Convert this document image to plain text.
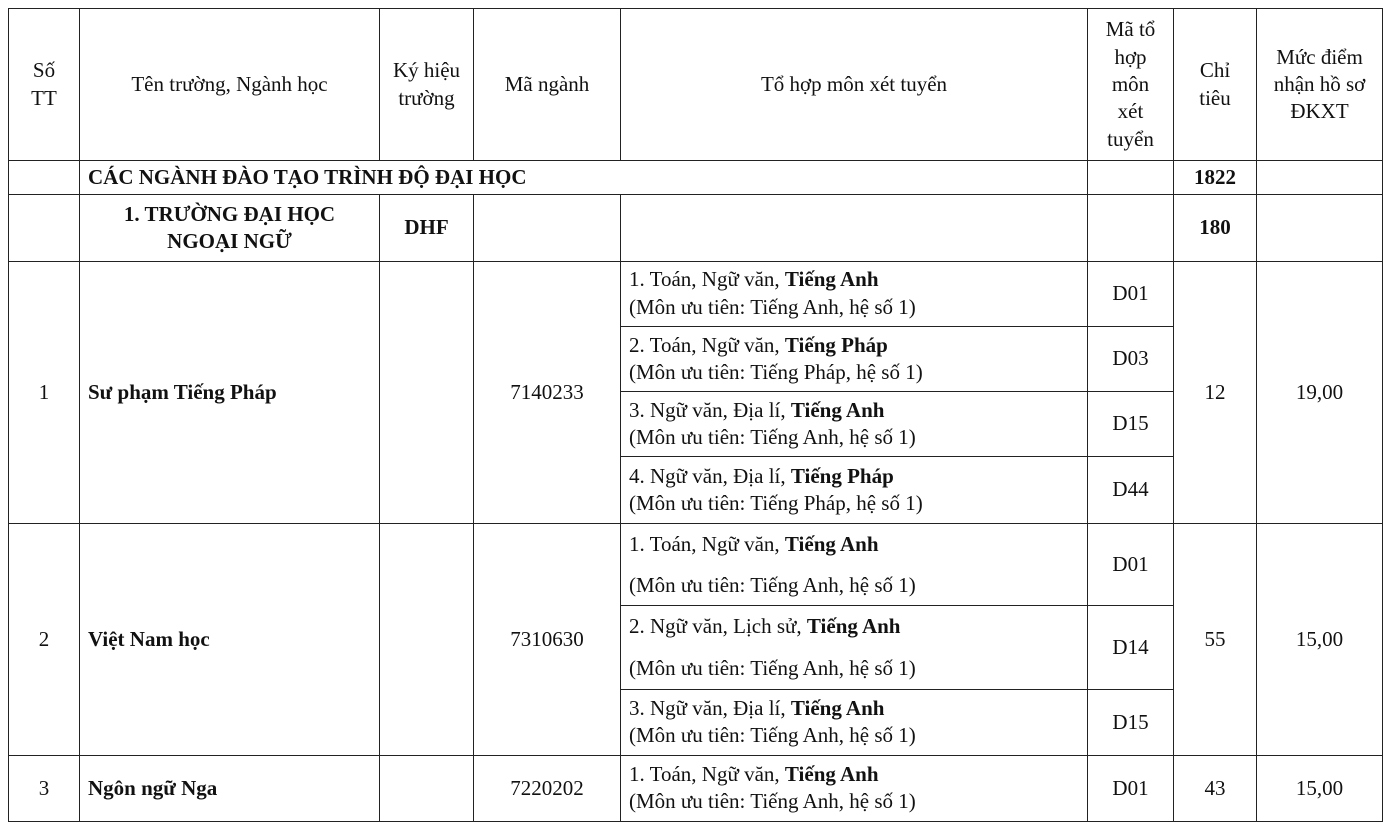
Số TT	Tên trường, Ngành học	Ký hiệu trường	Mã ngành	Tổ hợp môn xét tuyển	Mã tổ hợp môn xét tuyển	Chỉ tiêu	Mức điểm nhận hồ sơ ĐKXT
	CÁC NGÀNH ĐÀO TẠO TRÌNH ĐỘ ĐẠI HỌC					1822	
	1. TRƯỜNG ĐẠI HỌC NGOẠI NGỮ	DHF				180	
1	Sư phạm Tiếng Pháp		7140233	1. Toán, Ngữ văn, Tiếng Anh
(Môn ưu tiên: Tiếng Anh, hệ số 1)	D01	12	19,00

				2. Toán, Ngữ văn, Tiếng Pháp
(Môn ưu tiên: Tiếng Pháp, hệ số 1)	D03		

				3. Ngữ văn, Địa lí, Tiếng Anh
(Môn ưu tiên: Tiếng Anh, hệ số 1)	D15		

				4. Ngữ văn, Địa lí, Tiếng Pháp
(Môn ưu tiên: Tiếng Pháp, hệ số 1)	D44		
2	Việt Nam học		7310630	1. Toán, Ngữ văn, Tiếng Anh
(Môn ưu tiên: Tiếng Anh, hệ số 1)	D01	55	15,00

				2. Ngữ văn, Lịch sử, Tiếng Anh
(Môn ưu tiên: Tiếng Anh, hệ số 1)	D14		

				3. Ngữ văn, Địa lí, Tiếng Anh
(Môn ưu tiên: Tiếng Anh, hệ số 1)	D15		
3	Ngôn ngữ Nga		7220202	1. Toán, Ngữ văn, Tiếng Anh
(Môn ưu tiên: Tiếng Anh, hệ số 1)	D01	43	15,00
